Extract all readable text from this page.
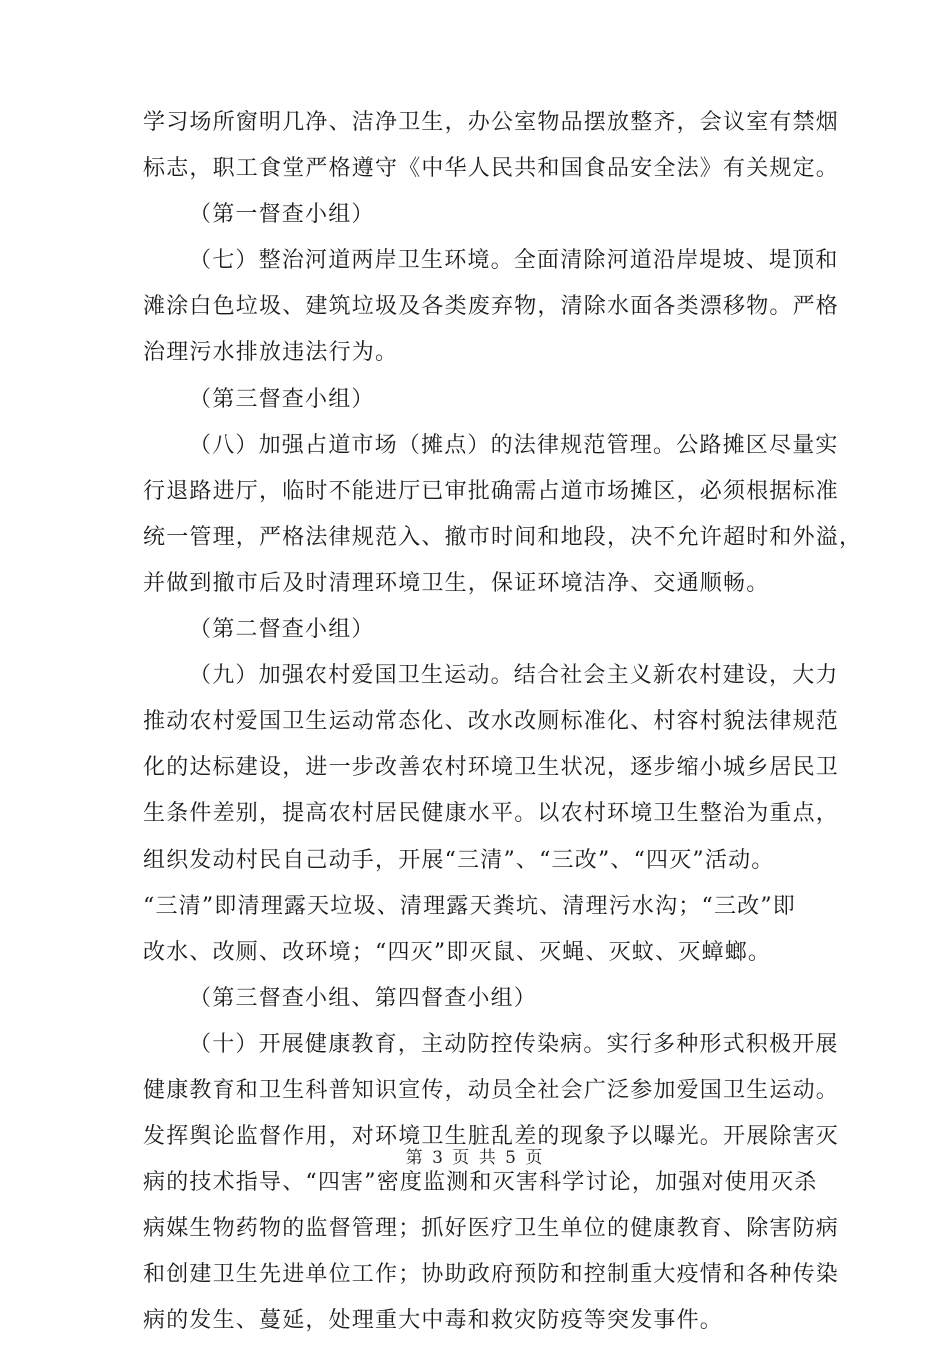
学习场所窗明几净、洁净卫生，办公室物品摆放整齐，会议室有禁烟
标志，职工食堂严格遵守《中华人民共和国食品安全法》有关规定。
（第一督查小组）
（七）整治河道两岸卫生环境。全面清除河道沿岸堤坡、堤顶和
滩涂白色垃圾、建筑垃圾及各类废弃物，清除水面各类漂移物。严格
治理污水排放违法行为。
（第三督查小组）
（八）加强占道市场（摊点）的法律规范管理。公路摊区尽量实
行退路进厅，临时不能进厅已审批确需占道市场摊区，必须根据标准
统一管理，严格法律规范入、撤市时间和地段，决不允许超时和外溢，
并做到撤市后及时清理环境卫生，保证环境洁净、交通顺畅。
（第二督查小组）
（九）加强农村爱国卫生运动。结合社会主义新农村建设，大力
推动农村爱国卫生运动常态化、改水改厕标准化、村容村貌法律规范
化的达标建设，进一步改善农村环境卫生状况，逐步缩小城乡居民卫
生条件差别，提高农村居民健康水平。以农村环境卫生整治为重点，
组织发动村民自己动手，开展“三清”、“三改”、“四灭”活动。
“三清”即清理露天垃圾、清理露天粪坑、清理污水沟；“三改”即
改水、改厕、改环境；“四灭”即灭鼠、灭蝇、灭蚊、灭蟑螂。
（第三督查小组、第四督查小组）
（十）开展健康教育，主动防控传染病。实行多种形式积极开展
健康教育和卫生科普知识宣传，动员全社会广泛参加爱国卫生运动。
发挥舆论监督作用，对环境卫生脏乱差的现象予以曝光。开展除害灭
病的技术指导、“四害”密度监测和灭害科学讨论，加强对使用灭杀
病媒生物药物的监督管理；抓好医疗卫生单位的健康教育、除害防病
和创建卫生先进单位工作；协助政府预防和控制重大疫情和各种传染
病的发生、蔓延，处理重大中毒和救灾防疫等突发事件。
第 3 页 共 5 页
